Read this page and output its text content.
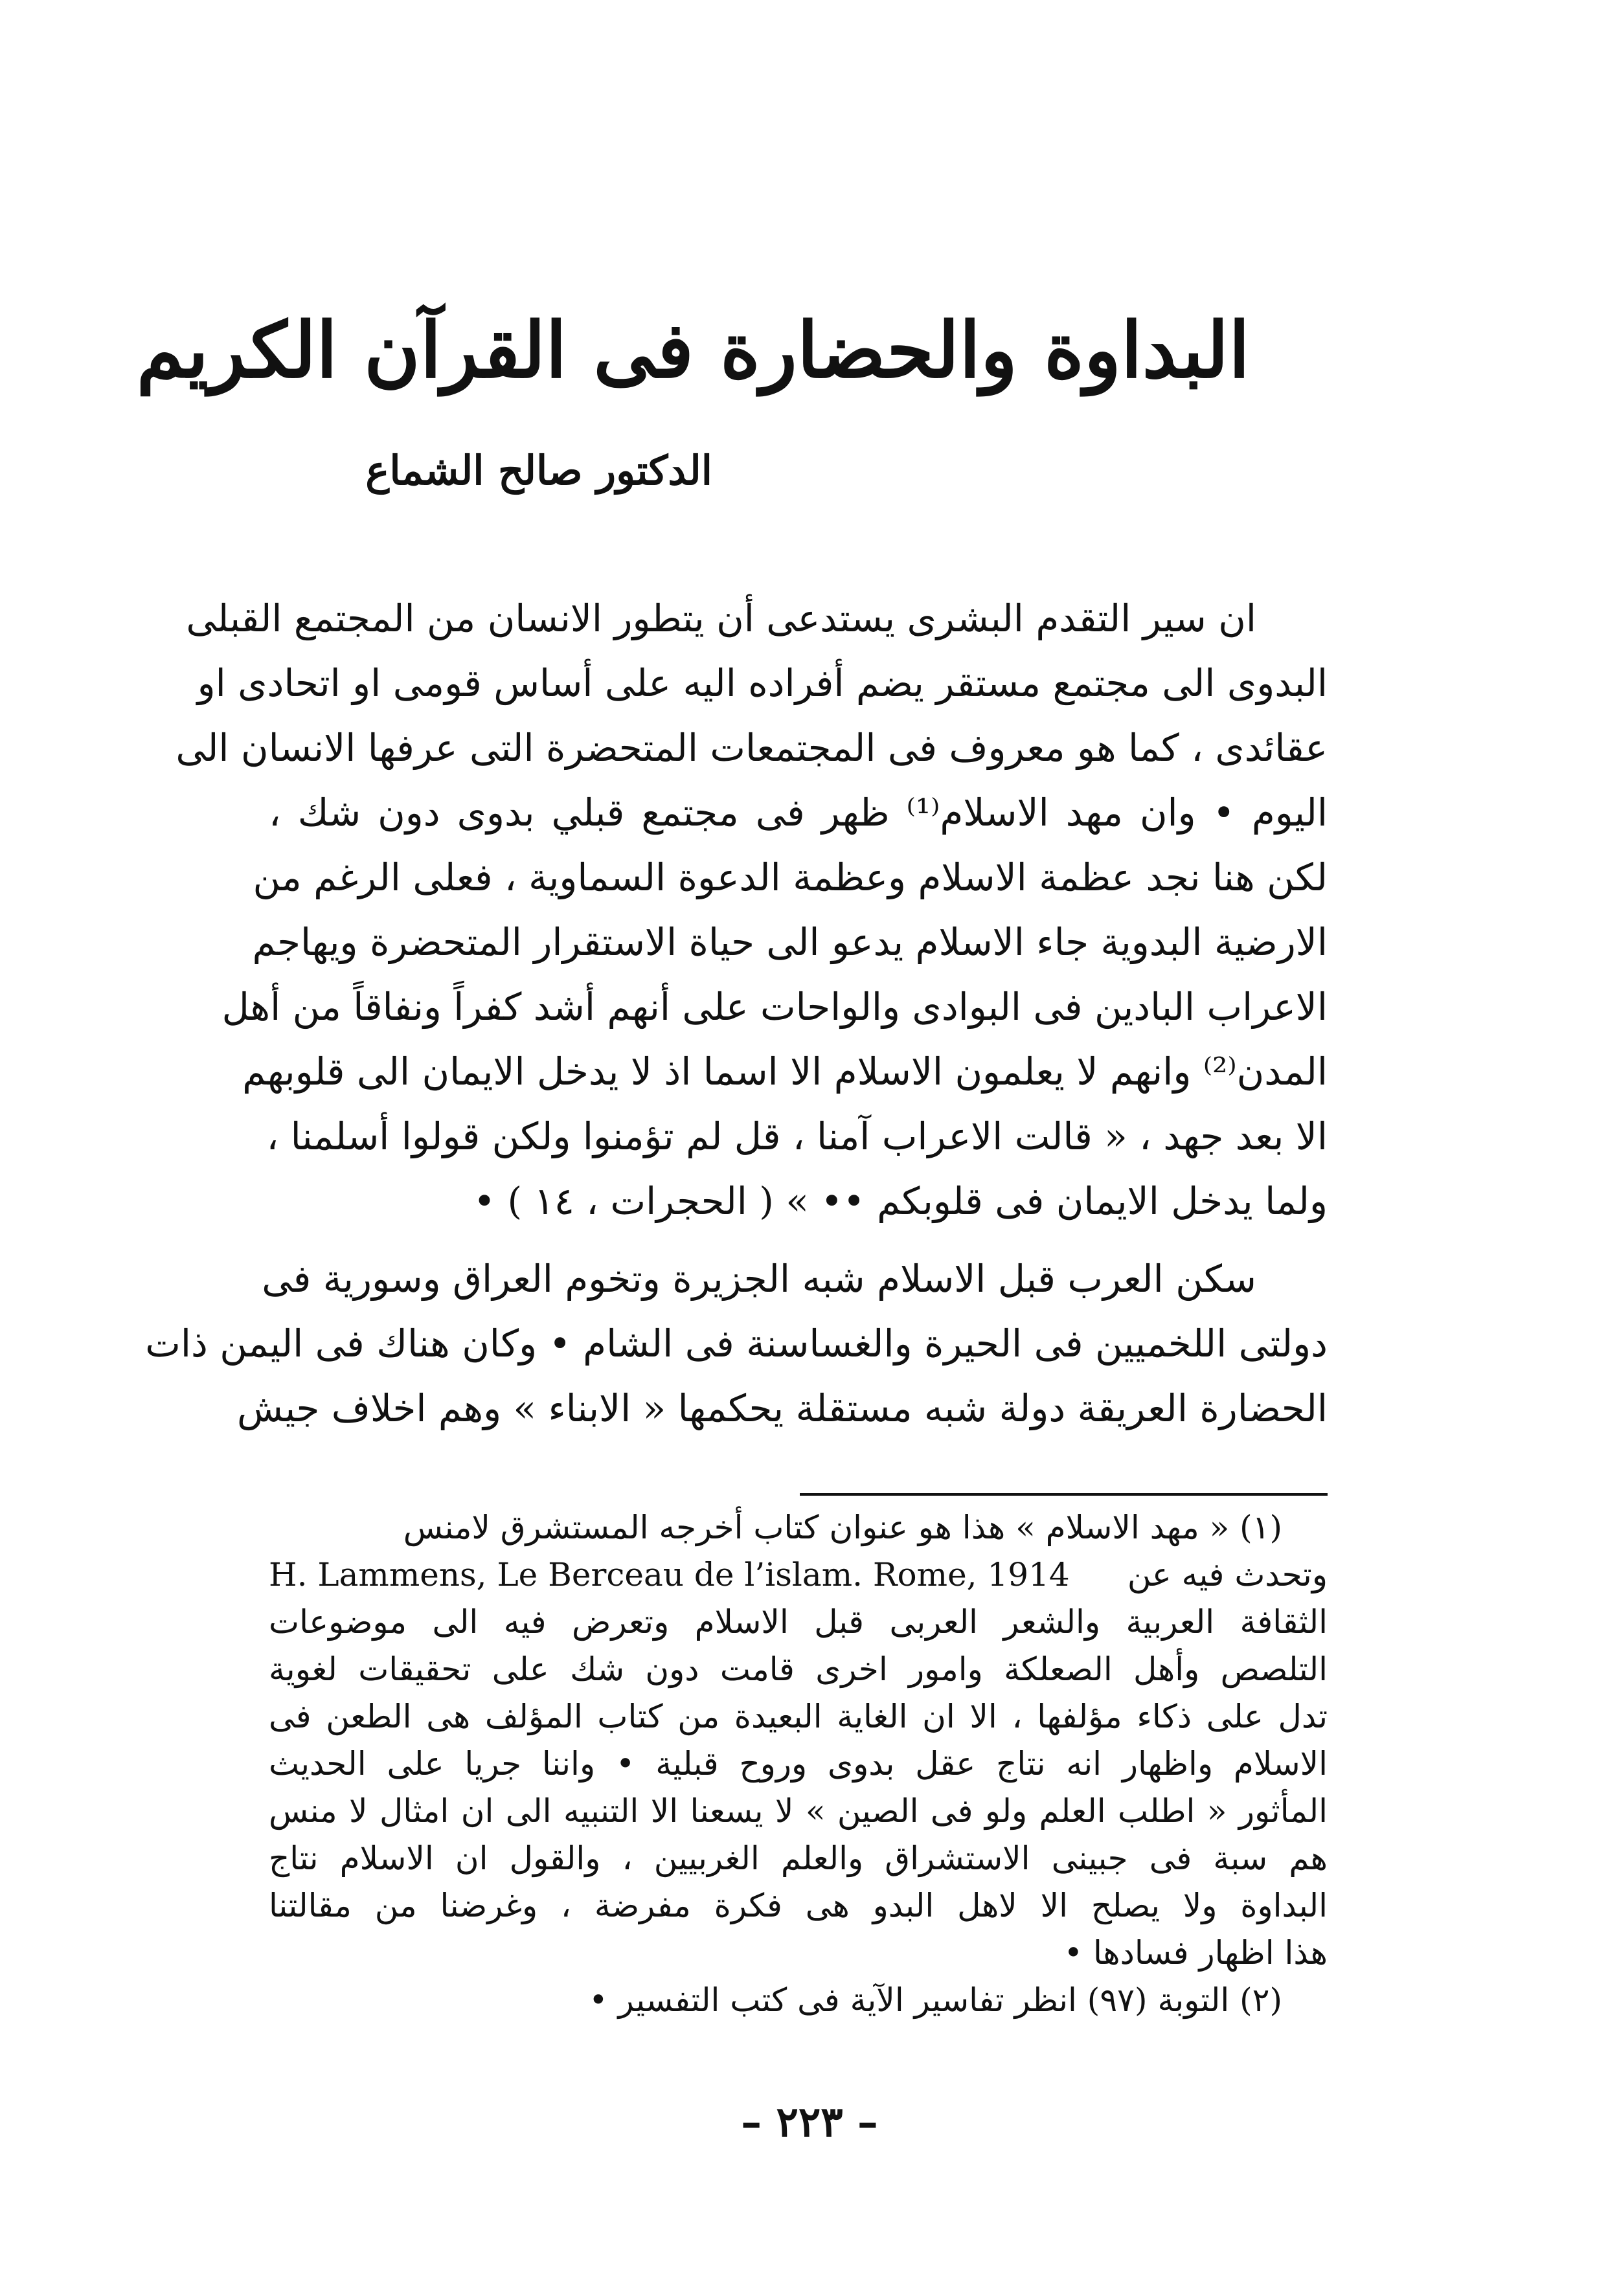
البداوة والحضارة فى القرآن الكريم
الدكتور صالح الشماع
ان سير التقدم البشرى يستدعى أن يتطور الانسان من المجتمع القبلى
البدوى الى مجتمع مستقر يضم أفراده اليه على أساس قومى او اتحادى او
عقائدى ، كما هو معروف فى المجتمعات المتحضرة التى عرفها الانسان الى
اليوم • وان مهد الاسلام⁽¹⁾ ظهر فى مجتمع قبلي بدوى دون شك ،
لكن هنا نجد عظمة الاسلام وعظمة الدعوة السماوية ، فعلى الرغم من
الارضية البدوية جاء الاسلام يدعو الى حياة الاستقرار المتحضرة ويهاجم
الاعراب البادين فى البوادى والواحات على أنهم أشد كفراً ونفاقاً من أهل
المدن⁽²⁾ وانهم لا يعلمون الاسلام الا اسما اذ لا يدخل الايمان الى قلوبهم
الا بعد جهد ، « قالت الاعراب آمنا ، قل لم تؤمنوا ولكن قولوا أسلمنا ،
ولما يدخل الايمان فى قلوبكم •• » ( الحجرات ، ١٤ ) •
سكن العرب قبل الاسلام شبه الجزيرة وتخوم العراق وسورية فى
دولتى اللخميين فى الحيرة والغساسنة فى الشام • وكان هناك فى اليمن ذات
الحضارة العريقة دولة شبه مستقلة يحكمها « الابناء » وهم اخلاف جيش
(١) « مهد الاسلام » هذا هو عنوان كتاب أخرجه المستشرق لامنس
وتحدث فيه عن
H. Lammens, Le Berceau de l’islam. Rome, 1914
الثقافة العربية والشعر العربى قبل الاسلام وتعرض فيه الى موضوعات
التلصص وأهل الصعلكة وامور اخرى قامت دون شك على تحقيقات لغوية
تدل على ذكاء مؤلفها ، الا ان الغاية البعيدة من كتاب المؤلف هى الطعن فى
الاسلام واظهار انه نتاج عقل بدوى وروح قبلية • واننا جريا على الحديث
المأثور « اطلب العلم ولو فى الصين » لا يسعنا الا التنبيه الى ان امثال لا منس
هم سبة فى جبينى الاستشراق والعلم الغربيين ، والقول ان الاسلام نتاج
البداوة ولا يصلح الا لاهل البدو هى فكرة مفرضة ، وغرضنا من مقالتنا
هذا اظهار فسادها •
(٢) التوبة (٩٧) انظر تفاسير الآية فى كتب التفسير •
– ٢٢٣ –
